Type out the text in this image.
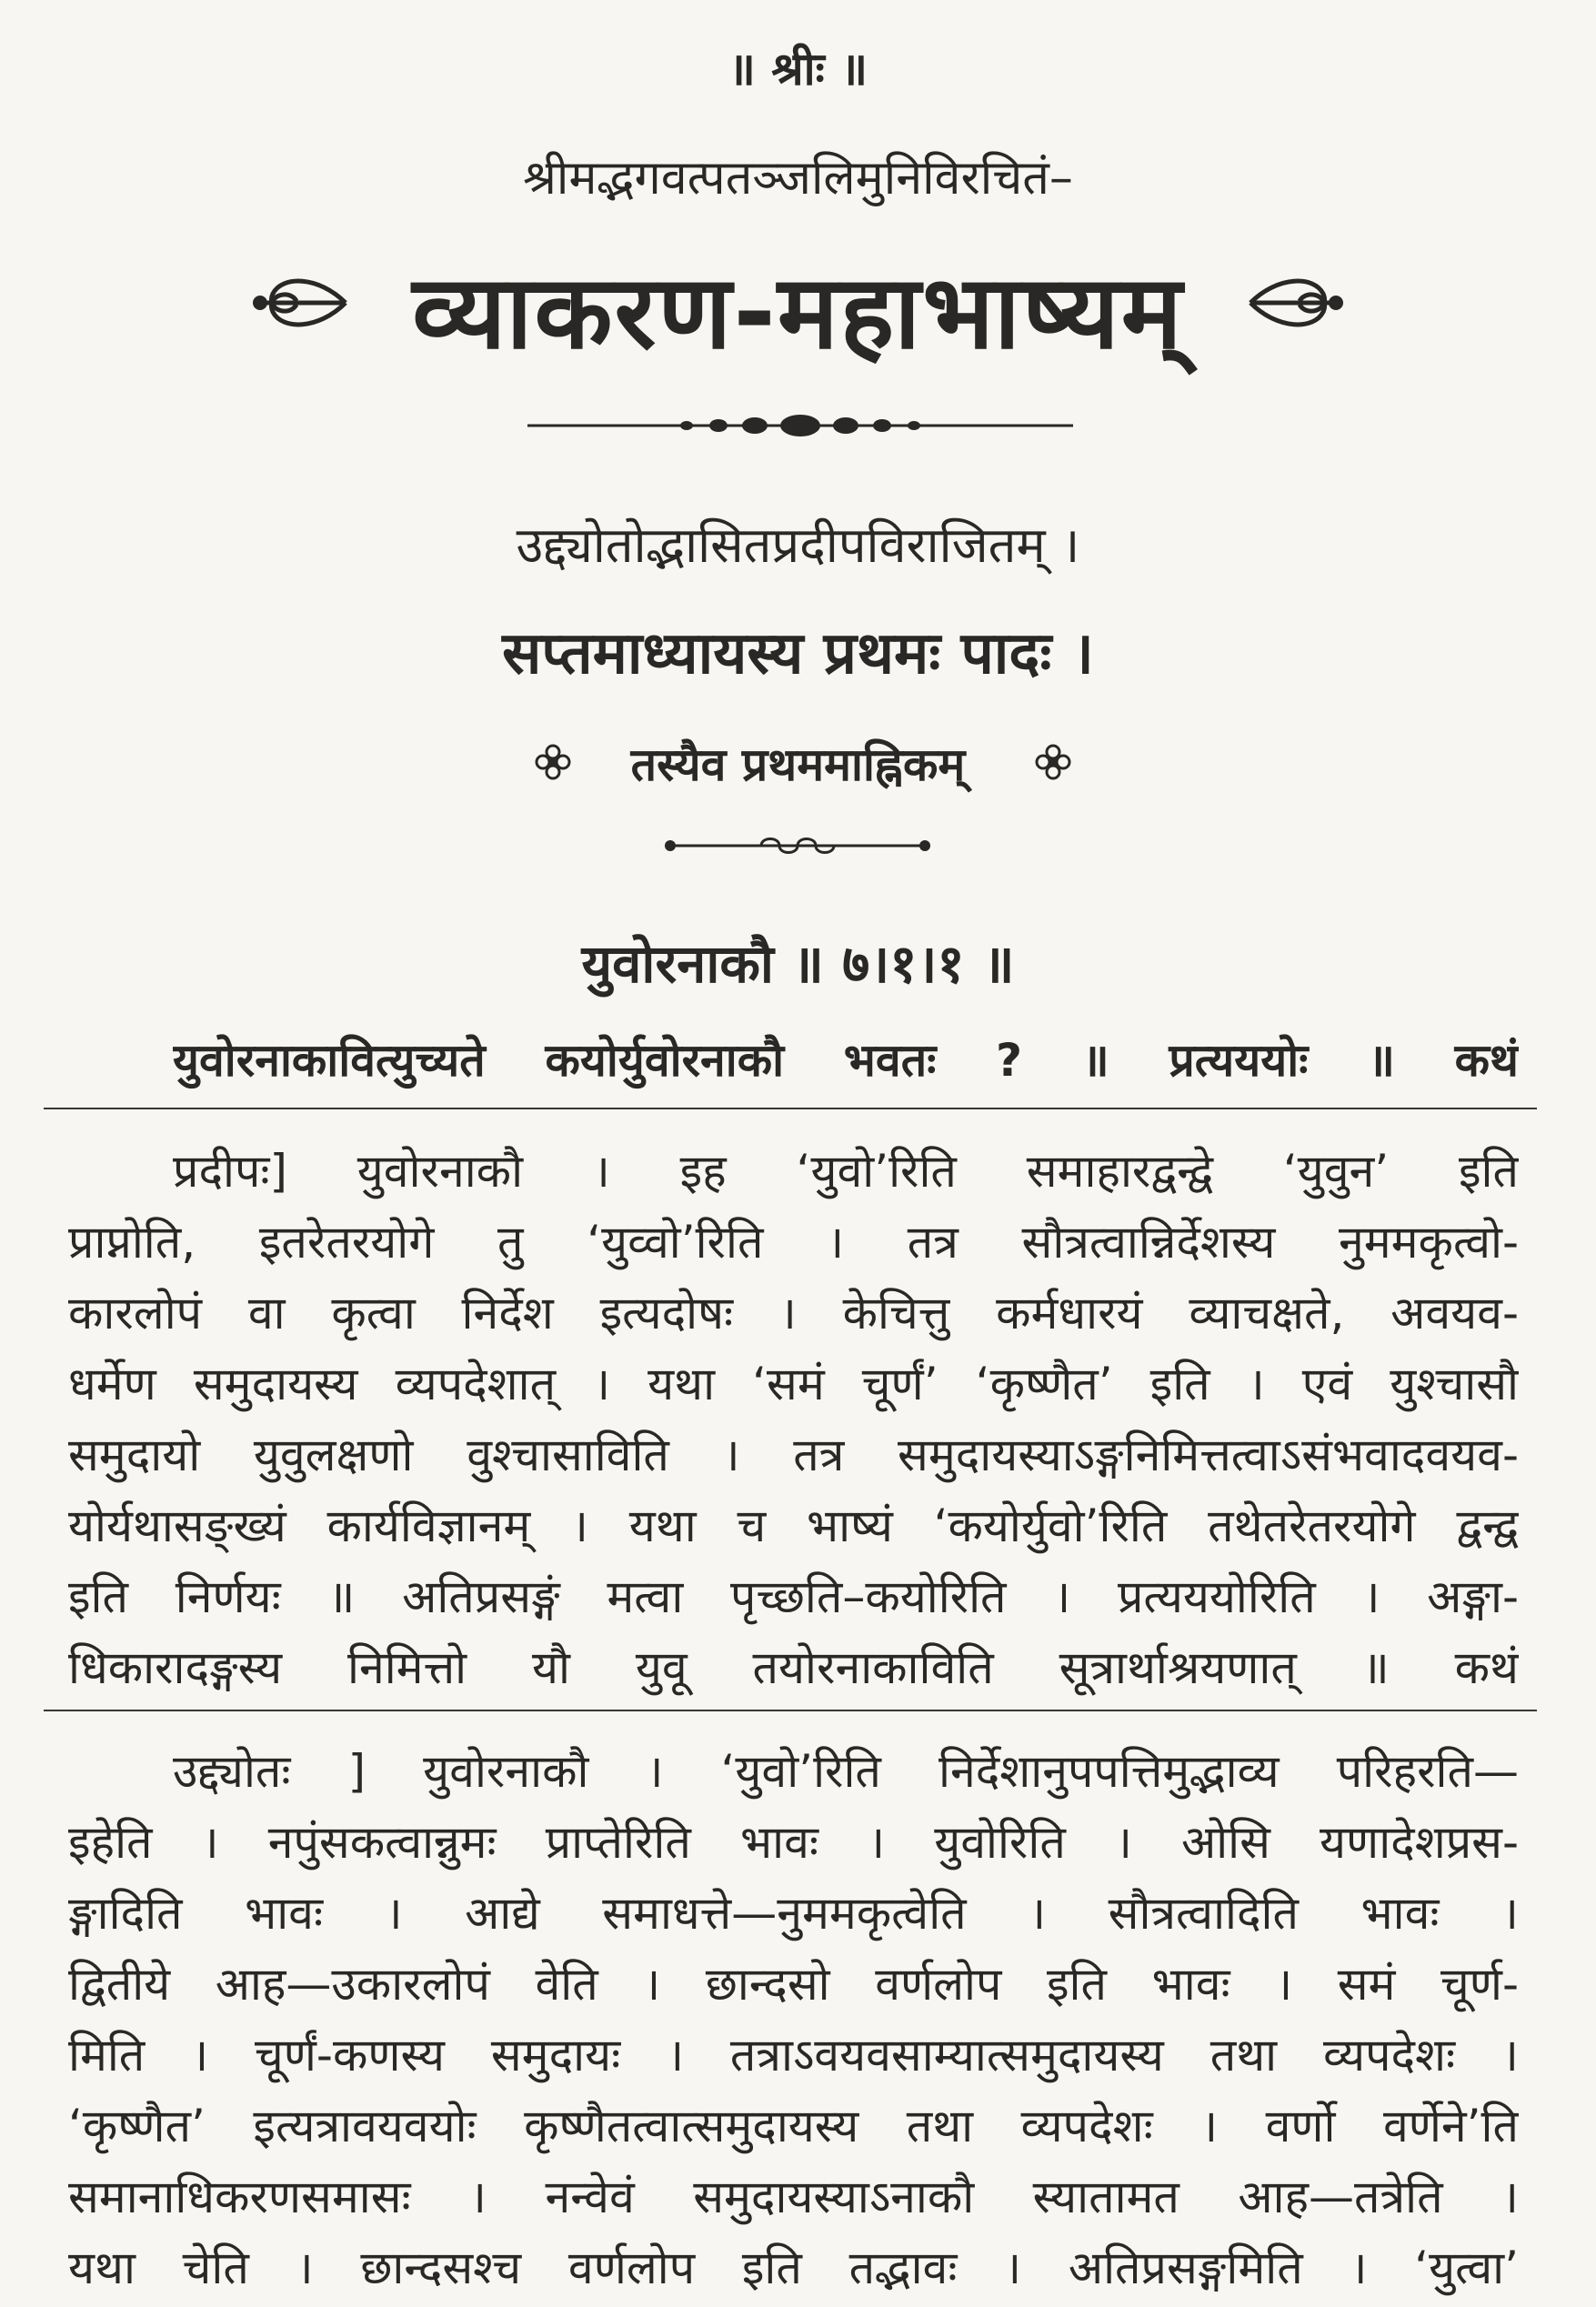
॥ श्रीः ॥
श्रीमद्भगवत्पतञ्जलिमुनिविरचितं–
व्याकरण-महाभाष्यम्
उद्द्योतोद्भासितप्रदीपविराजितम् ।
सप्तमाध्यायस्य प्रथमः पादः ।
तस्यैव प्रथममाह्निकम्
युवोरनाकौ ॥ ७।१।१ ॥
युवोरनाकावित्युच्यते कयोर्युवोरनाकौ भवतः ? ॥ प्रत्यययोः ॥ कथं
प्रदीपः] युवोरनाकौ । इह ‘युवो’रिति समाहारद्वन्द्वे ‘युवुन’ इति
प्राप्नोति, इतरेतरयोगे तु ‘युव्वो’रिति । तत्र सौत्रत्वान्निर्देशस्य नुममकृत्वो-
कारलोपं वा कृत्वा निर्देश इत्यदोषः । केचित्तु कर्मधारयं व्याचक्षते, अवयव-
धर्मेण समुदायस्य व्यपदेशात् । यथा ‘समं चूर्णं’ ‘कृष्णैत’ इति । एवं युश्चासौ
समुदायो युवुलक्षणो वुश्चासाविति । तत्र समुदायस्याऽङ्गनिमित्तत्वाऽसंभवादवयव-
योर्यथासङ्ख्यं कार्यविज्ञानम् । यथा च भाष्यं ‘कयोर्युवो’रिति तथेतरेतरयोगे द्वन्द्व
इति निर्णयः ॥ अतिप्रसङ्गं मत्वा पृच्छति–कयोरिति । प्रत्यययोरिति । अङ्गा-
धिकारादङ्गस्य निमित्तो यौ युवू तयोरनाकाविति सूत्रार्थाश्रयणात् ॥ कथं
उद्द्योतः ] युवोरनाकौ । ‘युवो’रिति निर्देशानुपपत्तिमुद्भाव्य परिहरति—
इहेति । नपुंसकत्वान्नुमः प्राप्तेरिति भावः । युवोरिति । ओसि यणादेशप्रस-
ङ्गादिति भावः । आद्ये समाधत्ते—नुममकृत्वेति । सौत्रत्वादिति भावः ।
द्वितीये आह—उकारलोपं वेति । छान्दसो वर्णलोप इति भावः । समं चूर्ण-
मिति । चूर्णं-कणस्य समुदायः । तत्राऽवयवसाम्यात्समुदायस्य तथा व्यपदेशः ।
‘कृष्णैत’ इत्यत्रावयवयोः कृष्णैतत्वात्समुदायस्य तथा व्यपदेशः । वर्णो वर्णेने’ति
समानाधिकरणसमासः । नन्वेवं समुदायस्याऽनाकौ स्यातामत आह—तत्रेति ।
यथा चेति । छान्दसश्च वर्णलोप इति तद्भावः । अतिप्रसङ्गमिति । ‘युत्वा’
